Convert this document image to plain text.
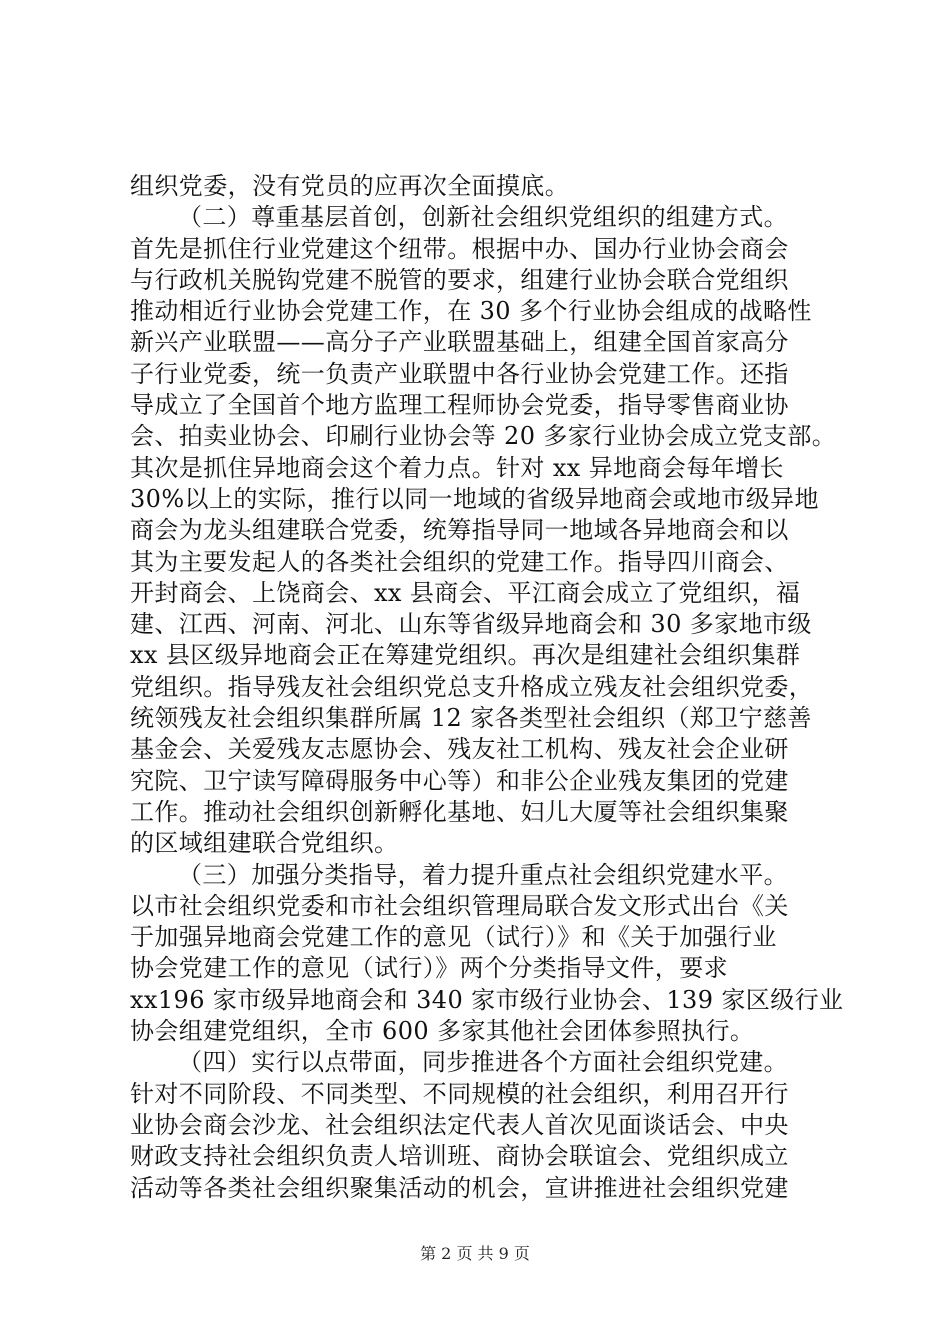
组织党委，没有党员的应再次全面摸底。
（二）尊重基层首创，创新社会组织党组织的组建方式。
首先是抓住行业党建这个纽带。根据中办、国办行业协会商会
与行政机关脱钩党建不脱管的要求，组建行业协会联合党组织
推动相近行业协会党建工作，在 30 多个行业协会组成的战略性
新兴产业联盟——高分子产业联盟基础上，组建全国首家高分
子行业党委，统一负责产业联盟中各行业协会党建工作。还指
导成立了全国首个地方监理工程师协会党委，指导零售商业协
会、拍卖业协会、印刷行业协会等 20 多家行业协会成立党支部。
其次是抓住异地商会这个着力点。针对 xx 异地商会每年增长
30%以上的实际，推行以同一地域的省级异地商会或地市级异地
商会为龙头组建联合党委，统筹指导同一地域各异地商会和以
其为主要发起人的各类社会组织的党建工作。指导四川商会、
开封商会、上饶商会、xx 县商会、平江商会成立了党组织，福
建、江西、河南、河北、山东等省级异地商会和 30 多家地市级
xx 县区级异地商会正在筹建党组织。再次是组建社会组织集群
党组织。指导残友社会组织党总支升格成立残友社会组织党委，
统领残友社会组织集群所属 12 家各类型社会组织（郑卫宁慈善
基金会、关爱残友志愿协会、残友社工机构、残友社会企业研
究院、卫宁读写障碍服务中心等）和非公企业残友集团的党建
工作。推动社会组织创新孵化基地、妇儿大厦等社会组织集聚
的区域组建联合党组织。
（三）加强分类指导，着力提升重点社会组织党建水平。
以市社会组织党委和市社会组织管理局联合发文形式出台《关
于加强异地商会党建工作的意见（试行）》和《关于加强行业
协会党建工作的意见（试行）》两个分类指导文件，要求
xx196 家市级异地商会和 340 家市级行业协会、139 家区级行业
协会组建党组织，全市 600 多家其他社会团体参照执行。
（四）实行以点带面，同步推进各个方面社会组织党建。
针对不同阶段、不同类型、不同规模的社会组织，利用召开行
业协会商会沙龙、社会组织法定代表人首次见面谈话会、中央
财政支持社会组织负责人培训班、商协会联谊会、党组织成立
活动等各类社会组织聚集活动的机会，宣讲推进社会组织党建
第 2 页 共 9 页
